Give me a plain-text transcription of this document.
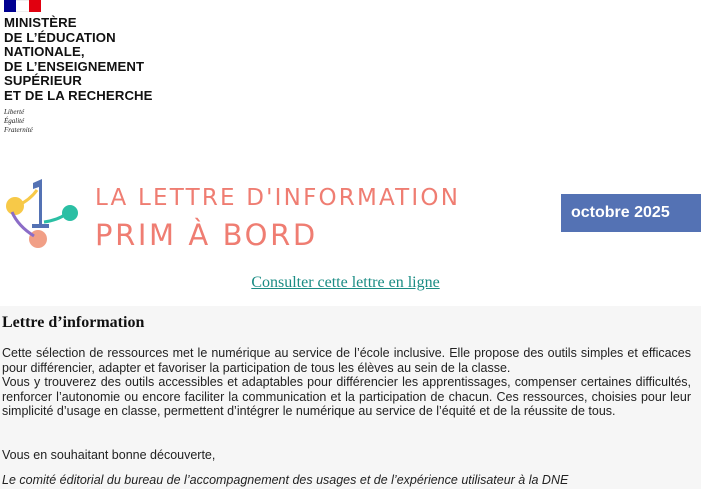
MINISTÈRE
DE L’ÉDUCATION
NATIONALE,
DE L’ENSEIGNEMENT
SUPÉRIEUR
ET DE LA RECHERCHE
Liberté
Égalité
Fraternité
LA LETTRE D'INFORMATION
PRIM À BORD
octobre 2025
Consulter cette lettre en ligne
Lettre d’information

Cette sélection de ressources met le numérique au service de l’école inclusive. Elle propose des outils simples et efficaces pour différencier, adapter et favoriser la participation de tous les élèves au sein de la classe.

Vous y trouverez des outils accessibles et adaptables pour différencier les apprentissages, compenser certaines difficultés, renforcer l’autonomie ou encore faciliter la communication et la participation de chacun. Ces ressources, choisies pour leur simplicité d’usage en classe, permettent d’intégrer le numérique au service de l’équité et de la réussite de tous.

Vous en souhaitant bonne découverte,
Le comité éditorial du bureau de l’accompagnement des usages et de l’expérience utilisateur à la DNE
